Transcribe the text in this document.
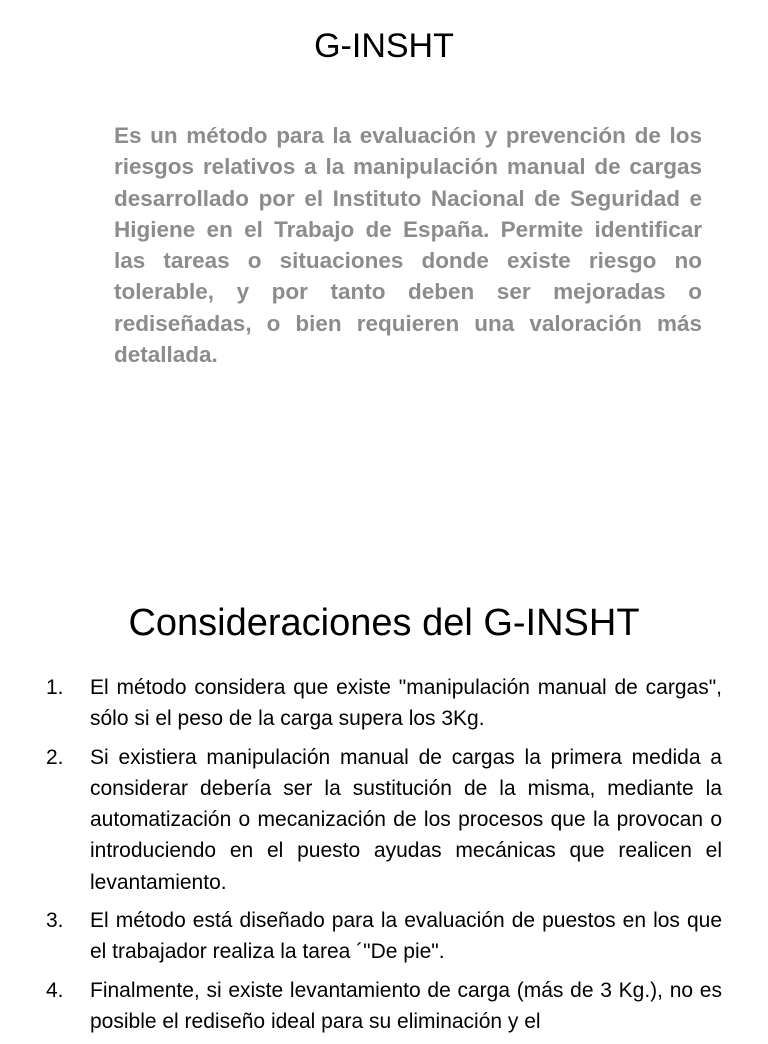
G-INSHT

Es un método para la evaluación y prevención de los riesgos relativos a la manipulación manual de cargas desarrollado por el Instituto Nacional de Seguridad e Higiene en el Trabajo de España. Permite identificar las tareas o situaciones donde existe riesgo no tolerable, y por tanto deben ser mejoradas o rediseñadas, o bien requieren una valoración más detallada.

Consideraciones del G-INSHT
1.	El método considera que existe "manipulación manual de cargas", sólo si el peso de la carga supera los 3Kg.
2.	Si existiera manipulación manual de cargas la primera medida a considerar debería ser la sustitución de la misma, mediante la automatización o mecanización de los procesos que la provocan o introduciendo en el puesto ayudas mecánicas que realicen el levantamiento.
3.	El método está diseñado para la evaluación de puestos en los que el trabajador realiza la tarea ´"De pie".
4.	Finalmente, si existe levantamiento de carga (más de 3 Kg.), no es posible el rediseño ideal para su eliminación y el
